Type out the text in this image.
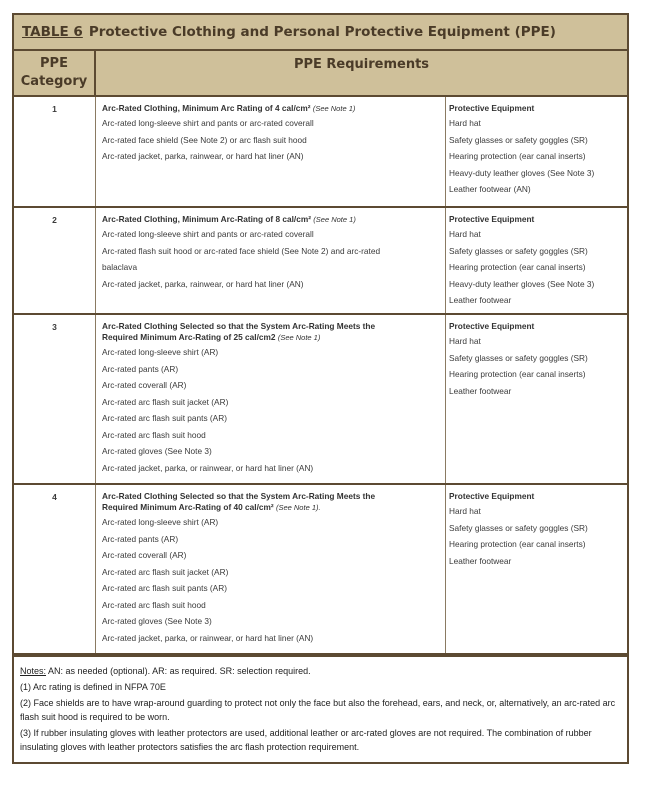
TABLE 6 Protective Clothing and Personal Protective Equipment (PPE)
PPE Category
PPE Requirements
1	Arc-Rated Clothing, Minimum Arc Rating of 4 cal/cm² (See Note 1)
Arc-rated long-sleeve shirt and pants or arc-rated coverall
Arc-rated face shield (See Note 2) or arc flash suit hood
Arc-rated jacket, parka, rainwear, or hard hat liner (AN)
Protective Equipment
Hard hat
Safety glasses or safety goggles (SR)
Hearing protection (ear canal inserts)
Heavy-duty leather gloves (See Note 3)
Leather footwear (AN)
2	Arc-Rated Clothing, Minimum Arc-Rating of 8 cal/cm² (See Note 1)
Arc-rated long-sleeve shirt and pants or arc-rated coverall
Arc-rated flash suit hood or arc-rated face shield (See Note 2) and arc-rated
balaclava
Arc-rated jacket, parka, rainwear, or hard hat liner (AN)
Protective Equipment
Hard hat
Safety glasses or safety goggles (SR)
Hearing protection (ear canal inserts)
Heavy-duty leather gloves (See Note 3)
Leather footwear
3	Arc-Rated Clothing Selected so that the System Arc-Rating Meets the
Required Minimum Arc-Rating of 25 cal/cm2 (See Note 1)
Arc-rated long-sleeve shirt (AR)
Arc-rated pants (AR)
Arc-rated coverall (AR)
Arc-rated arc flash suit jacket (AR)
Arc-rated arc flash suit pants (AR)
Arc-rated arc flash suit hood
Arc-rated gloves (See Note 3)
Arc-rated jacket, parka, or rainwear, or hard hat liner (AN)
Protective Equipment
Hard hat
Safety glasses or safety goggles (SR)
Hearing protection (ear canal inserts)
Leather footwear
4	Arc-Rated Clothing Selected so that the System Arc-Rating Meets the
Required Minimum Arc-Rating of 40 cal/cm² (See Note 1).
Arc-rated long-sleeve shirt (AR)
Arc-rated pants (AR)
Arc-rated coverall (AR)
Arc-rated arc flash suit jacket (AR)
Arc-rated arc flash suit pants (AR)
Arc-rated arc flash suit hood
Arc-rated gloves (See Note 3)
Arc-rated jacket, parka, or rainwear, or hard hat liner (AN)
Protective Equipment
Hard hat
Safety glasses or safety goggles (SR)
Hearing protection (ear canal inserts)
Leather footwear
Notes: AN: as needed (optional). AR: as required. SR: selection required.
(1) Arc rating is defined in NFPA 70E
(2) Face shields are to have wrap-around guarding to protect not only the face but also the forehead, ears, and neck, or, alternatively, an arc-rated arc flash suit hood is required to be worn.
(3) If rubber insulating gloves with leather protectors are used, additional leather or arc-rated gloves are not required. The combination of rubber insulating gloves with leather protectors satisfies the arc flash protection requirement.
